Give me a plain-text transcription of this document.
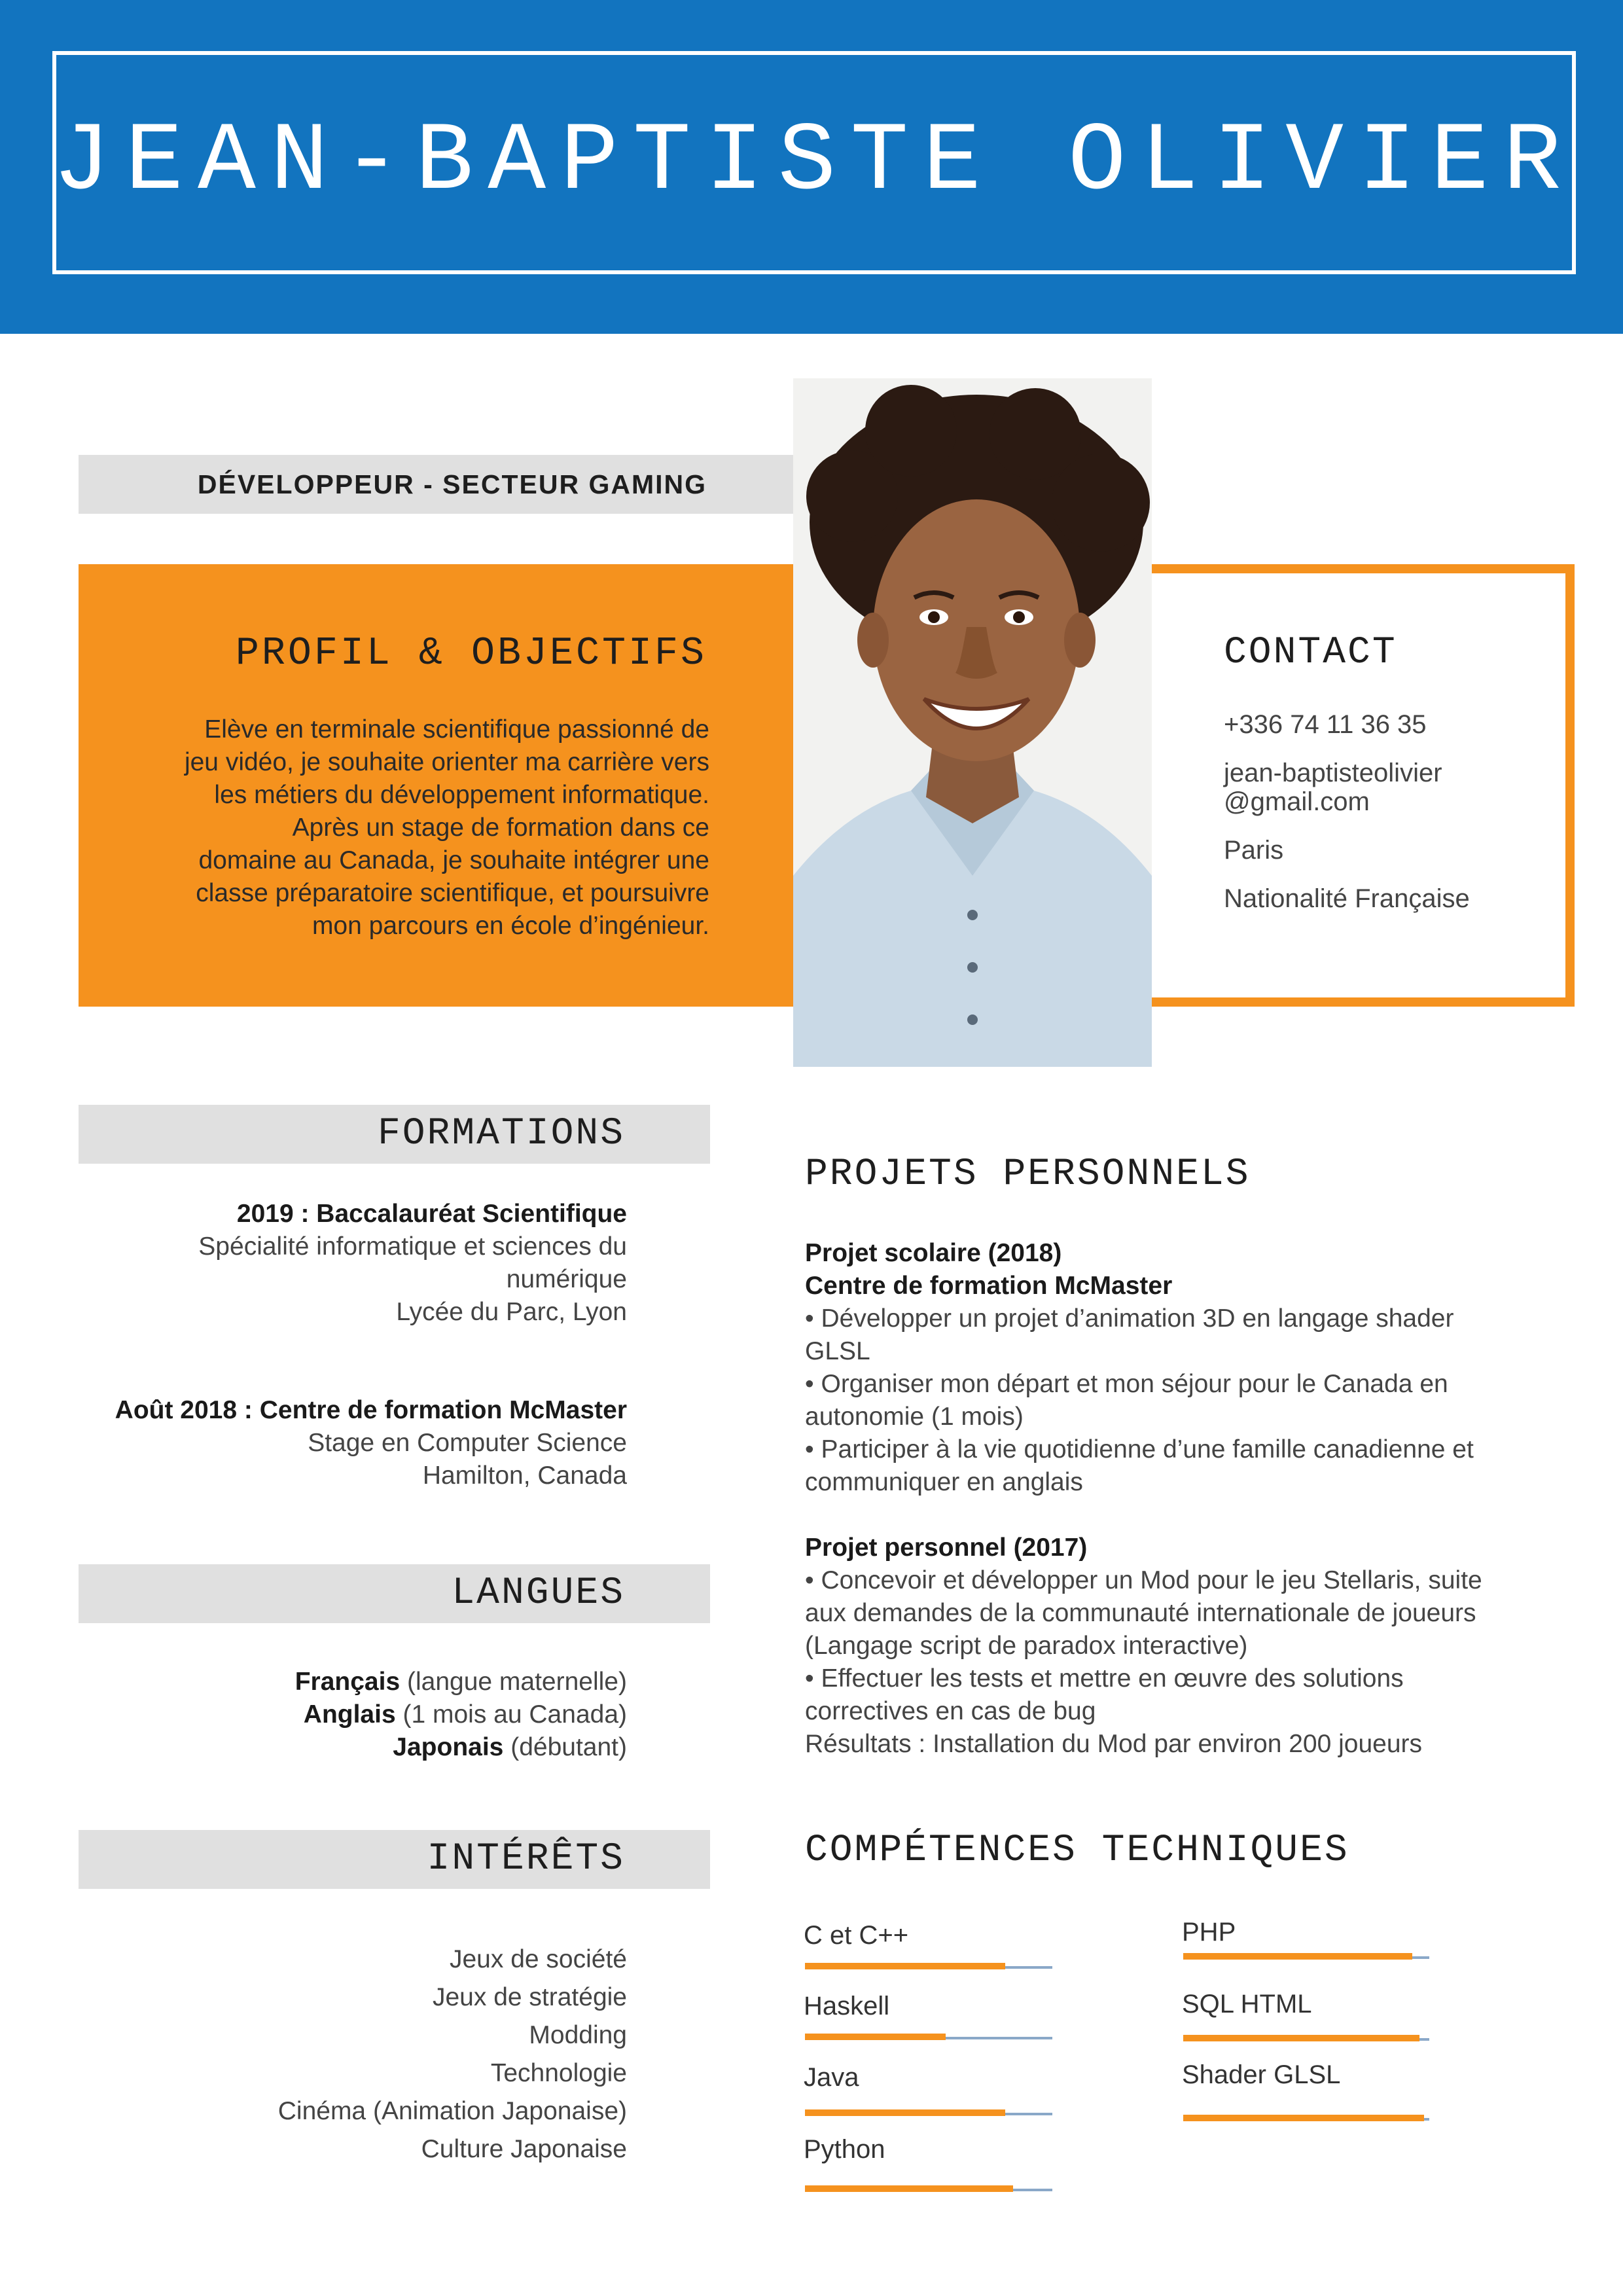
JEAN-BAPTISTE OLIVIER
DÉVELOPPEUR - SECTEUR GAMING
PROFIL & OBJECTIFS
Elève en terminale scientifique passionné de
jeu vidéo, je souhaite orienter ma carrière vers
les métiers du développement informatique.
Après un stage de formation dans ce
domaine au Canada, je souhaite intégrer une
classe préparatoire scientifique, et poursuivre
mon parcours en école d’ingénieur.
CONTACT
+336 74 11 36 35
jean-baptisteolivier
@gmail.com
Paris
Nationalité Française
FORMATIONS
2019 : Baccalauréat Scientifique
Spécialité informatique et sciences du
numérique
Lycée du Parc, Lyon
Août 2018 : Centre de formation McMaster
Stage en Computer Science
Hamilton, Canada
LANGUES
Français (langue maternelle)
Anglais (1 mois au Canada)
Japonais (débutant)
INTÉRÊTS
Jeux de société
Jeux de stratégie
Modding
Technologie
Cinéma (Animation Japonaise)
Culture Japonaise
PROJETS PERSONNELS
Projet scolaire (2018)
Centre de formation McMaster
• Développer un projet d’animation 3D en langage shader
GLSL
• Organiser mon départ et mon séjour pour le Canada en
autonomie (1 mois)
• Participer à la vie quotidienne d’une famille canadienne et
communiquer en anglais
Projet personnel (2017)
• Concevoir et développer un Mod pour le jeu Stellaris, suite
aux demandes de la communauté internationale de joueurs
(Langage script de paradox interactive)
• Effectuer les tests et mettre en œuvre des solutions
correctives en cas de bug
Résultats : Installation du Mod par environ 200 joueurs
COMPÉTENCES TECHNIQUES
C et C++
Haskell
Java
Python
PHP
SQL HTML
Shader GLSL
